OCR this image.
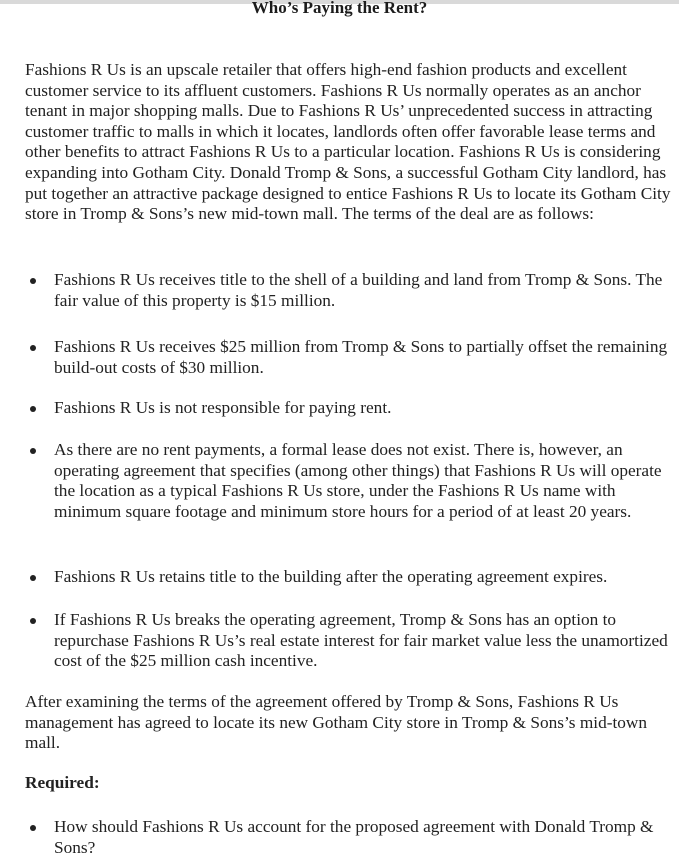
Who’s Paying the Rent?

Fashions R Us is an upscale retailer that offers high-end fashion products and excellent customer service to its affluent customers. Fashions R Us normally operates as an anchor tenant in major shopping malls. Due to Fashions R Us’ unprecedented success in attracting customer traffic to malls in which it locates, landlords often offer favorable lease terms and other benefits to attract Fashions R Us to a particular location. Fashions R Us is considering expanding into Gotham City. Donald Tromp & Sons, a successful Gotham City landlord, has put together an attractive package designed to entice Fashions R Us to locate its Gotham City store in Tromp & Sons’s new mid-town mall. The terms of the deal are as follows:

Fashions R Us receives title to the shell of a building and land from Tromp & Sons. The fair value of this property is $15 million.
Fashions R Us receives $25 million from Tromp & Sons to partially offset the remaining build-out costs of $30 million.
Fashions R Us is not responsible for paying rent.
As there are no rent payments, a formal lease does not exist. There is, however, an operating agreement that specifies (among other things) that Fashions R Us will operate the location as a typical Fashions R Us store, under the Fashions R Us name with minimum square footage and minimum store hours for a period of at least 20 years.
Fashions R Us retains title to the building after the operating agreement expires.
If Fashions R Us breaks the operating agreement, Tromp & Sons has an option to repurchase Fashions R Us’s real estate interest for fair market value less the unamortized cost of the $25 million cash incentive.

After examining the terms of the agreement offered by Tromp & Sons, Fashions R Us management has agreed to locate its new Gotham City store in Tromp & Sons’s mid-town mall.

Required:
How should Fashions R Us account for the proposed agreement with Donald Tromp & Sons?
